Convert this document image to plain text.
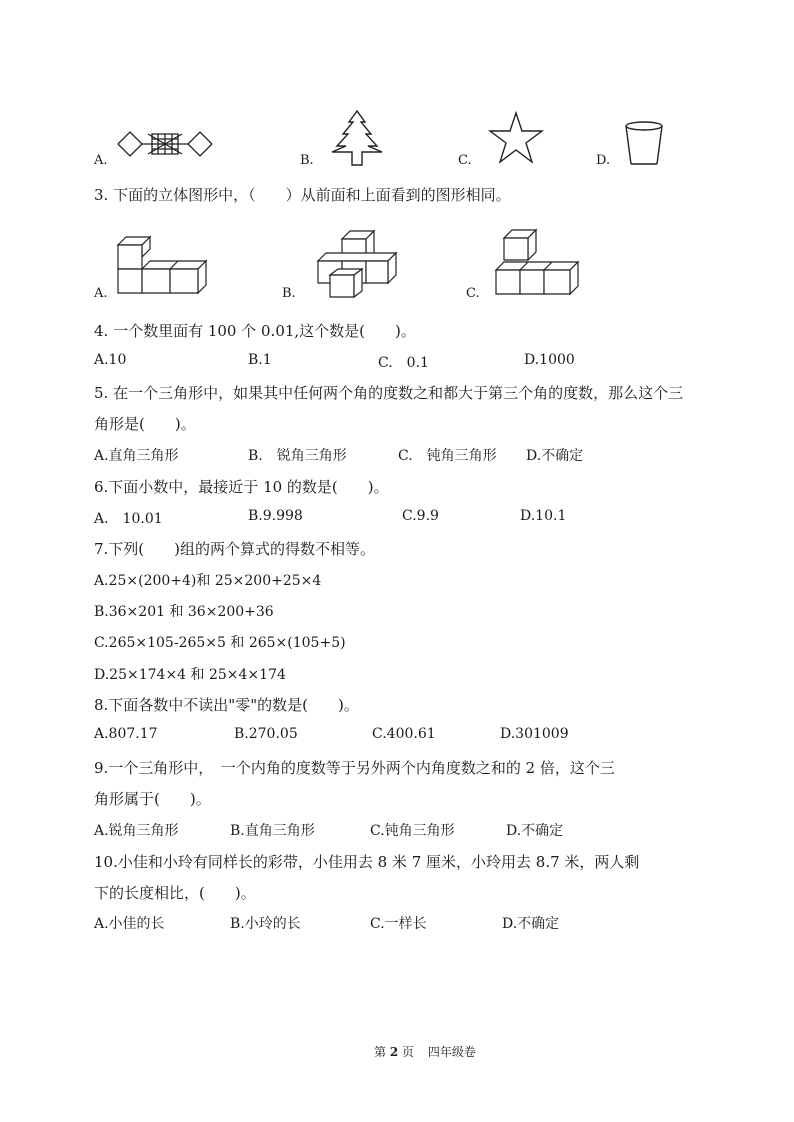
A.	B.	C.	D.
3. 下面的立体图形中，（　　）从前面和上面看到的图形相同。
A.	B.	C.
4. 一个数里面有 100 个 0.01,这个数是(　　)。
A.10	B.1	C.　0.1	D.1000
5. 在一个三角形中，如果其中任何两个角的度数之和都大于第三个角的度数，那么这个三
角形是(　　)。
A.直角三角形	B.　锐角三角形	C.　钝角三角形 D.不确定
6.下面小数中，最接近于 10 的数是(　　)。
A.　10.01	B.9.998	C.9.9	D.10.1
7.下列(　　)组的两个算式的得数不相等。
A.25×(200+4)和 25×200+25×4
B.36×201 和 36×200+36
C.265×105-265×5 和 265×(105+5)
D.25×174×4 和 25×4×174
8.下面各数中不读出"零"的数是(　　)。
A.807.17	B.270.05	C.400.61	D.301009
9.一个三角形中，　一个内角的度数等于另外两个内角度数之和的 2 倍，这个三
角形属于(　　)。
A.锐角三角形	B.直角三角形	C.钝角三角形	D.不确定
10.小佳和小玲有同样长的彩带，小佳用去 8 米 7 厘米，小玲用去 8.7 米，两人剩
下的长度相比，(　　)。
A.小佳的长	B.小玲的长	C.一样长	D.不确定
第 2 页 四年级卷
